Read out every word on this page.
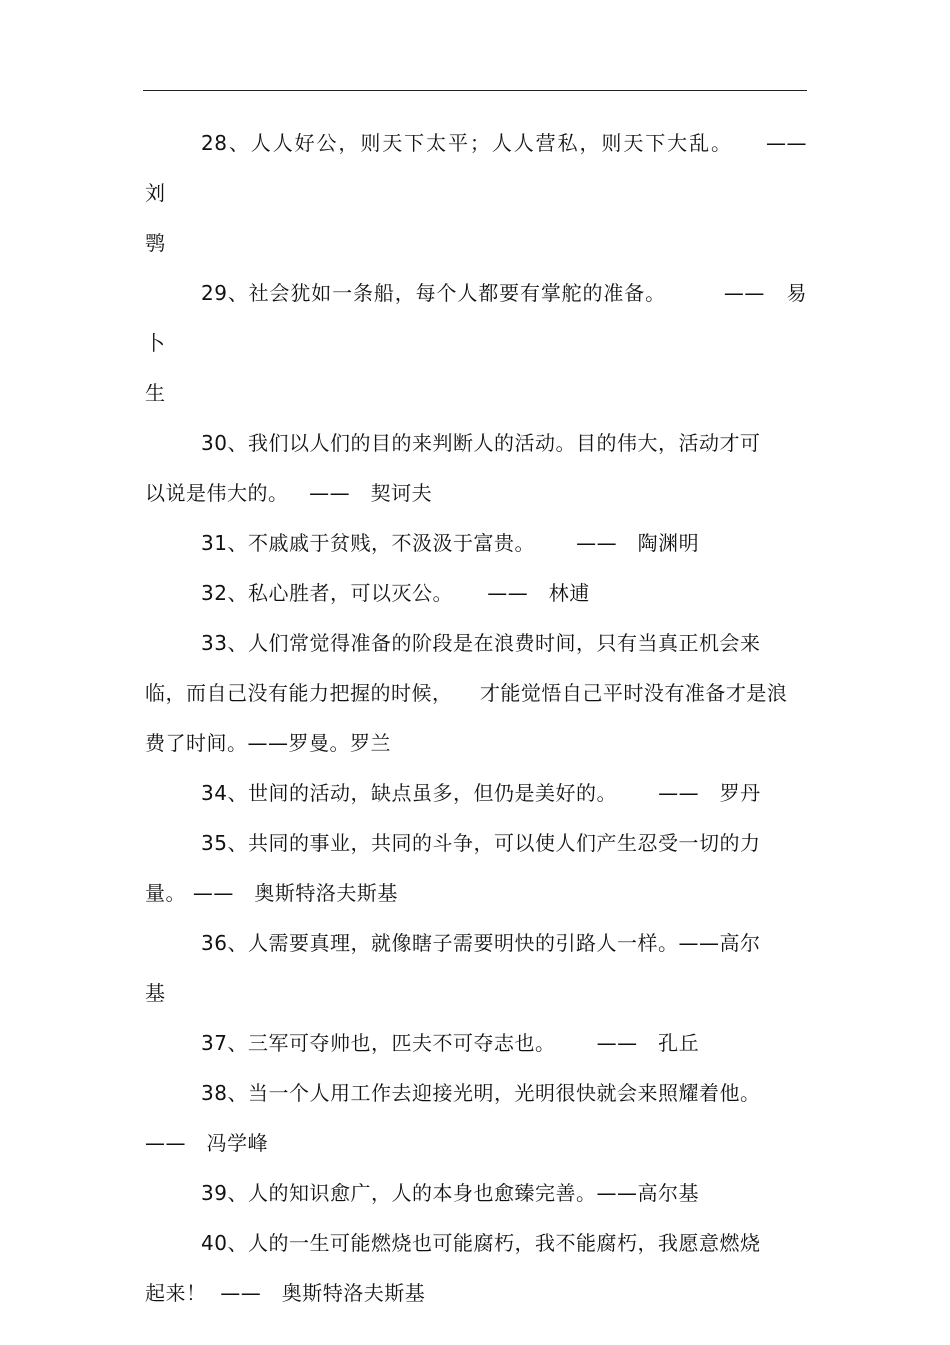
28、人人好公，则天下太平；人人营私，则天下大乱。    ——   刘
鹗

29、社会犹如一条船，每个人都要有掌舵的准备。        ——   易卜
生

30、我们以人们的目的来判断人的活动。目的伟大，活动才可
以说是伟大的。   ——   契诃夫

31、不戚戚于贫贱，不汲汲于富贵。      ——   陶渊明

32、私心胜者，可以灭公。     ——   林逋

33、人们常觉得准备的阶段是在浪费时间，只有当真正机会来
临，而自己没有能力把握的时候，    才能觉悟自己平时没有准备才是浪
费了时间。——罗曼。罗兰

34、世间的活动，缺点虽多，但仍是美好的。      ——   罗丹

35、共同的事业，共同的斗争，可以使人们产生忍受一切的力
量。 ——   奥斯特洛夫斯基

36、人需要真理，就像瞎子需要明快的引路人一样。——高尔
基

37、三军可夺帅也，匹夫不可夺志也。      ——   孔丘

38、当一个人用工作去迎接光明，光明很快就会来照耀着他。
——   冯学峰

39、人的知识愈广，人的本身也愈臻完善。——高尔基

40、人的一生可能燃烧也可能腐朽，我不能腐朽，我愿意燃烧
起来！  ——   奥斯特洛夫斯基
